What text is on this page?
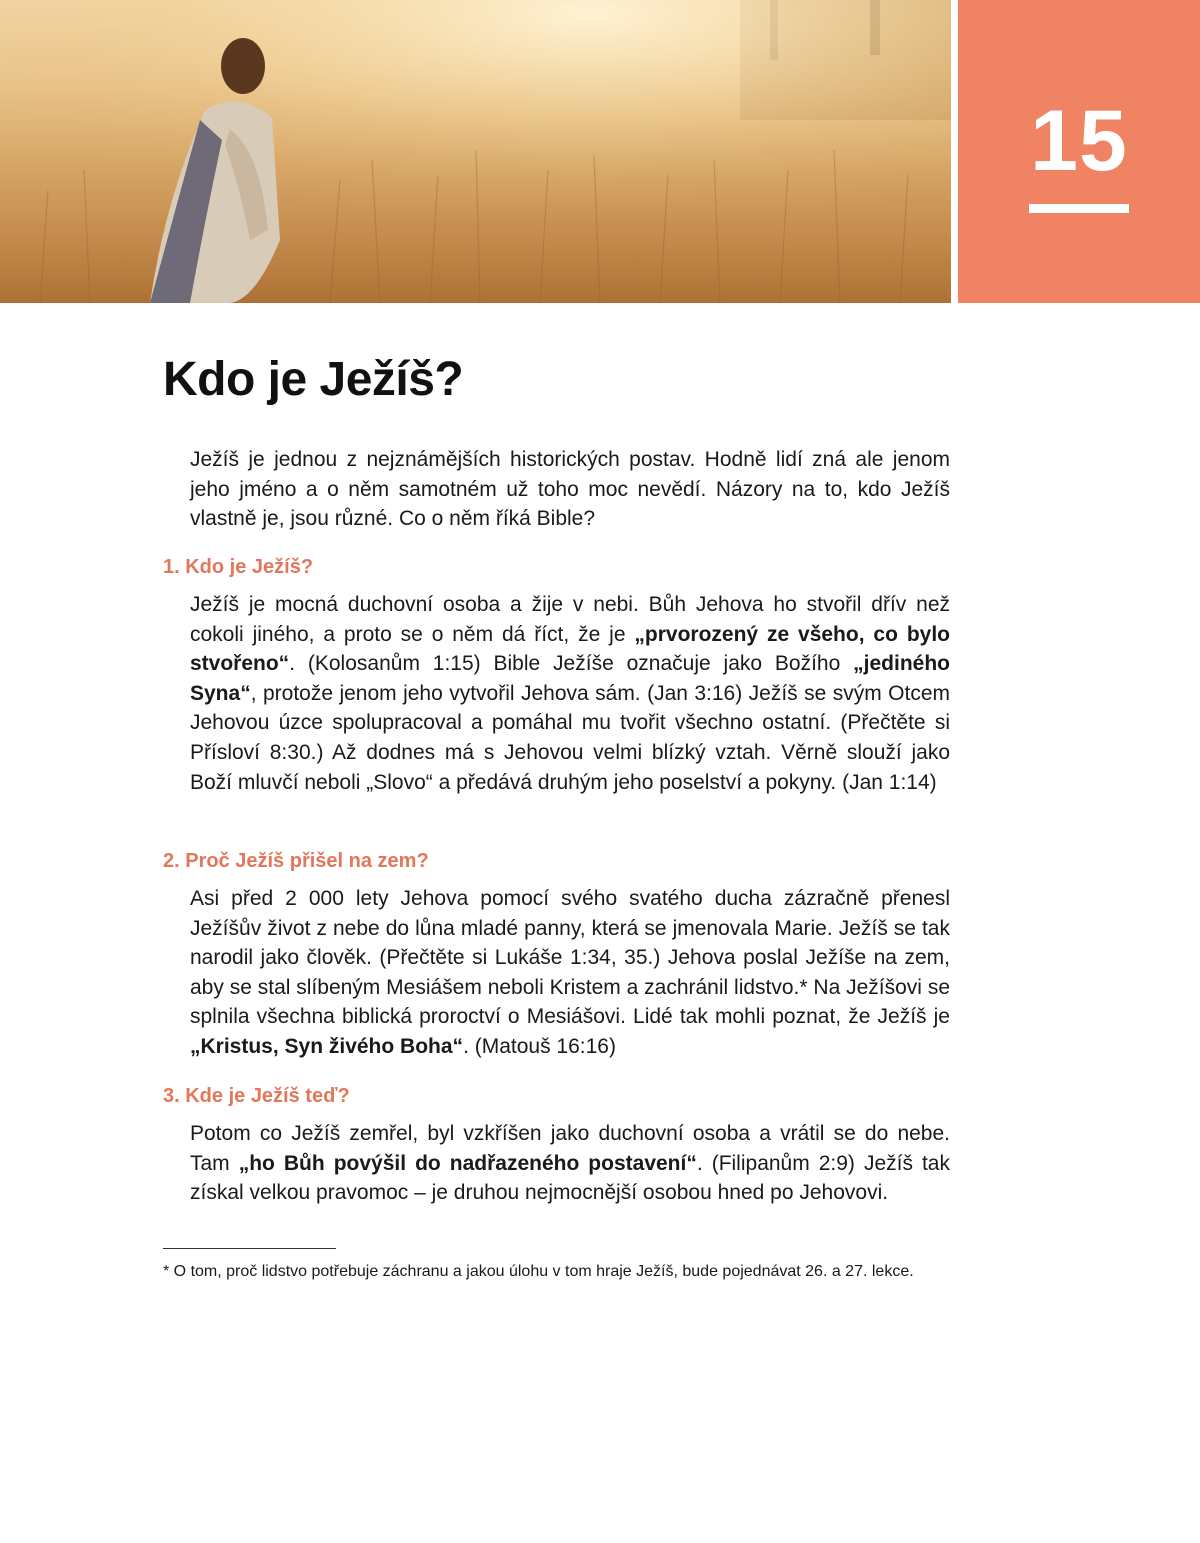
15
Kdo je Ježíš?

Ježíš je jednou z nejznámějších historických postav. Hodně lidí zná ale jenom jeho jméno a o něm samotném už toho moc nevědí. Názory na to, kdo Ježíš vlastně je, jsou různé. Co o něm říká Bible?

1. Kdo je Ježíš?

Ježíš je mocná duchovní osoba a žije v nebi. Bůh Jehova ho stvořil dřív než cokoli jiného, a proto se o něm dá říct, že je „prvorozený ze všeho, co bylo stvořeno“. (Kolosanům 1:15) Bible Ježíše označuje jako Božího „jediného Syna“, protože jenom jeho vytvořil Jehova sám. (Jan 3:16) Ježíš se svým Otcem Jehovou úzce spolupracoval a pomáhal mu tvořit všechno ostatní. (Přečtěte si Přísloví 8:30.) Až dodnes má s Jehovou velmi blízký vztah. Věrně slouží jako Boží mluvčí neboli „Slovo“ a předává druhým jeho poselství a pokyny. (Jan 1:14)

2. Proč Ježíš přišel na zem?

Asi před 2 000 lety Jehova pomocí svého svatého ducha zázračně přenesl Ježíšův život z nebe do lůna mladé panny, která se jmenovala Marie. Ježíš se tak narodil jako člověk. (Přečtěte si Lukáše 1:34, 35.) Jehova poslal Ježíše na zem, aby se stal slíbeným Mesiášem neboli Kristem a zachránil lidstvo.* Na Ježíšovi se splnila všechna biblická proroctví o Mesiášovi. Lidé tak mohli poznat, že Ježíš je „Kristus, Syn živého Boha“. (Matouš 16:16)

3. Kde je Ježíš teď?

Potom co Ježíš zemřel, byl vzkříšen jako duchovní osoba a vrátil se do nebe. Tam „ho Bůh povýšil do nadřazeného postavení“. (Filipanům 2:9) Ježíš tak získal velkou pravomoc – je druhou nejmocnější osobou hned po Jehovovi.

* O tom, proč lidstvo potřebuje záchranu a jakou úlohu v tom hraje Ježíš, bude pojednávat 26. a 27. lekce.
